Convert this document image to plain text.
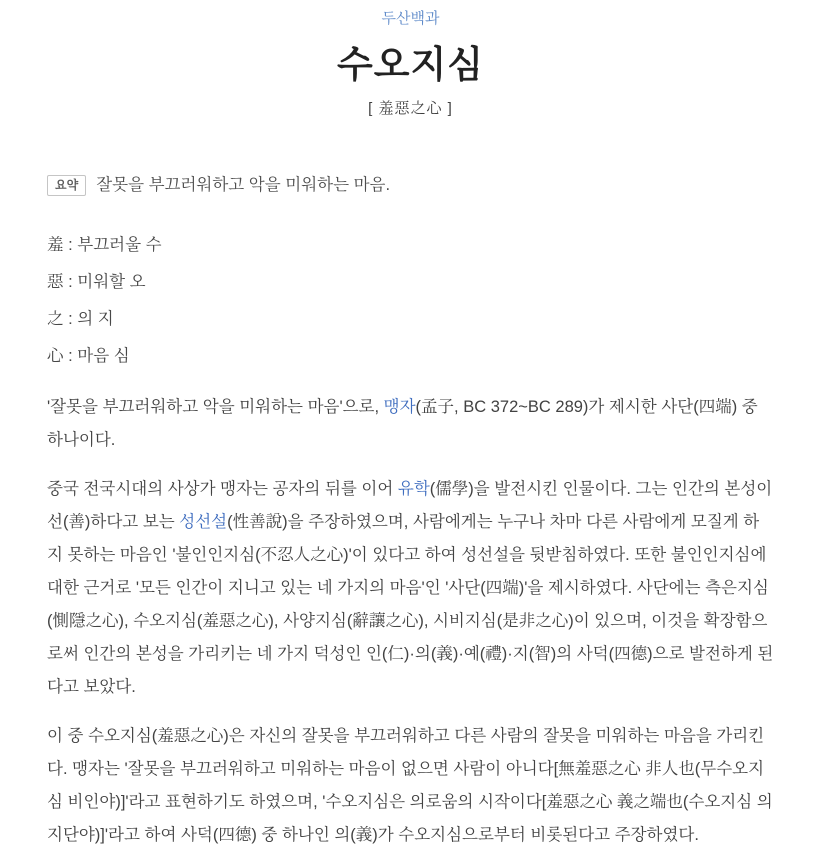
두산백과
수오지심
[ 羞惡之心 ]
요약 잘못을 부끄러워하고 악을 미워하는 마음.
羞 : 부끄러울 수
惡 : 미워할 오
之 : 의 지
心 : 마음 심

'잘못을 부끄러워하고 악을 미워하는 마음'으로, 맹자(孟子, BC 372~BC 289)가 제시한 사단(四端) 중 하나이다.

중국 전국시대의 사상가 맹자는 공자의 뒤를 이어 유학(儒學)을 발전시킨 인물이다. 그는 인간의 본성이 선(善)하다고 보는 성선설(性善說)을 주장하였으며, 사람에게는 누구나 차마 다른 사람에게 모질게 하지 못하는 마음인 '불인인지심(不忍人之心)'이 있다고 하여 성선설을 뒷받침하였다. 또한 불인인지심에 대한 근거로 '모든 인간이 지니고 있는 네 가지의 마음'인 '사단(四端)'을 제시하였다. 사단에는 측은지심(惻隱之心), 수오지심(羞惡之心), 사양지심(辭讓之心), 시비지심(是非之心)이 있으며, 이것을 확장함으로써 인간의 본성을 가리키는 네 가지 덕성인 인(仁)·의(義)·예(禮)·지(智)의 사덕(四德)으로 발전하게 된다고 보았다.

이 중 수오지심(羞惡之心)은 자신의 잘못을 부끄러워하고 다른 사람의 잘못을 미워하는 마음을 가리킨다. 맹자는 '잘못을 부끄러워하고 미워하는 마음이 없으면 사람이 아니다[無羞惡之心 非人也(무수오지심 비인야)]'라고 표현하기도 하였으며, '수오지심은 의로움의 시작이다[羞惡之心 義之端也(수오지심 의지단야)]'라고 하여 사덕(四德) 중 하나인 의(義)가 수오지심으로부터 비롯된다고 주장하였다.
